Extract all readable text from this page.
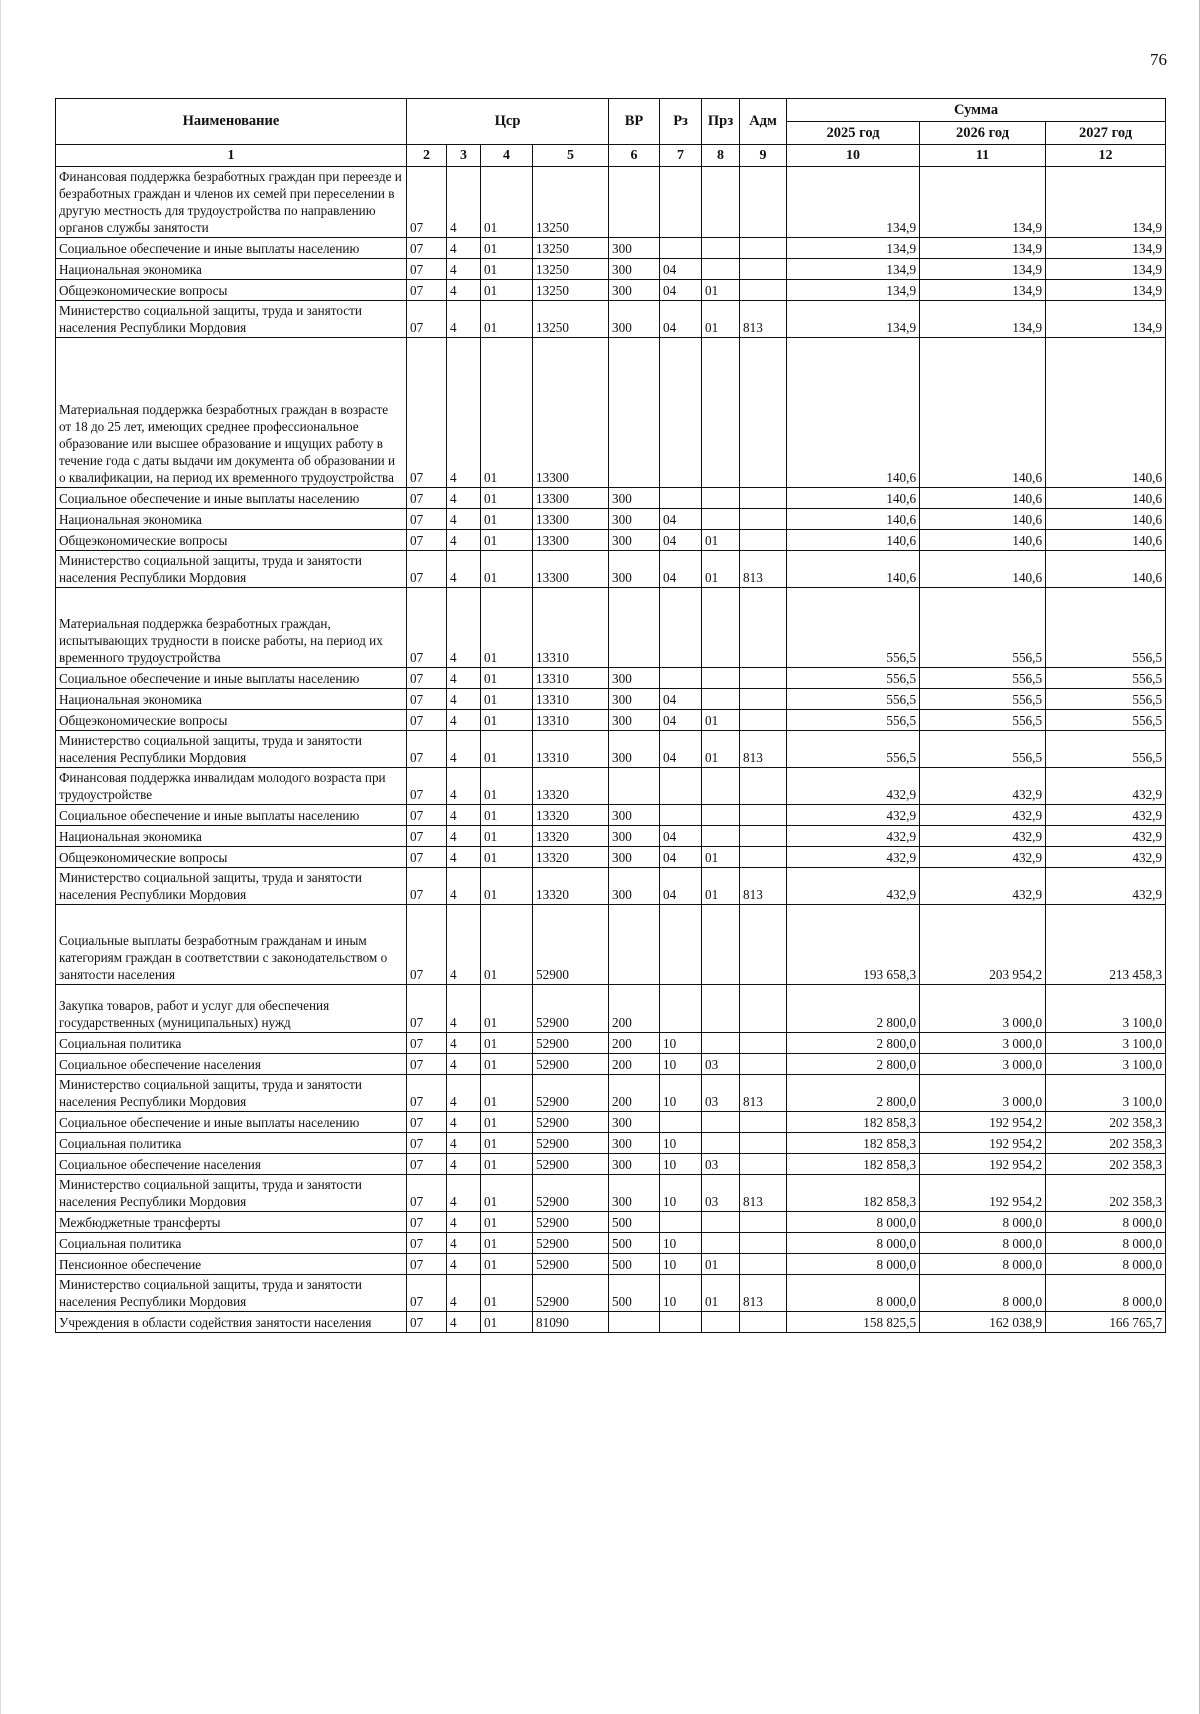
76
Наименование	Цср				ВР	Рз	Прз	Адм	Сумма		
									2025 год	2026 год	2027 год
1	2	3	4	5	6	7	8	9	10	11	12
Финансовая поддержка безработных граждан при переезде и безработных граждан и членов их семей при переселении в другую местность для трудоустройства по направлению органов службы занятости	07	4	01	13250					134,9	134,9	134,9
Социальное обеспечение и иные выплаты населению	07	4	01	13250	300				134,9	134,9	134,9
Национальная экономика	07	4	01	13250	300	04			134,9	134,9	134,9
Общеэкономические вопросы	07	4	01	13250	300	04	01		134,9	134,9	134,9
Министерство социальной защиты, труда и занятости населения Республики Мордовия	07	4	01	13250	300	04	01	813	134,9	134,9	134,9
Материальная поддержка безработных граждан в возрасте от 18 до 25 лет, имеющих среднее профессиональное образование или высшее образование и ищущих работу в течение года с даты выдачи им документа об образовании и о квалификации, на период их временного трудоустройства	07	4	01	13300					140,6	140,6	140,6
Социальное обеспечение и иные выплаты населению	07	4	01	13300	300				140,6	140,6	140,6
Национальная экономика	07	4	01	13300	300	04			140,6	140,6	140,6
Общеэкономические вопросы	07	4	01	13300	300	04	01		140,6	140,6	140,6
Министерство социальной защиты, труда и занятости населения Республики Мордовия	07	4	01	13300	300	04	01	813	140,6	140,6	140,6
Материальная поддержка безработных граждан, испытывающих трудности в поиске работы, на период их временного трудоустройства	07	4	01	13310					556,5	556,5	556,5
Социальное обеспечение и иные выплаты населению	07	4	01	13310	300				556,5	556,5	556,5
Национальная экономика	07	4	01	13310	300	04			556,5	556,5	556,5
Общеэкономические вопросы	07	4	01	13310	300	04	01		556,5	556,5	556,5
Министерство социальной защиты, труда и занятости населения Республики Мордовия	07	4	01	13310	300	04	01	813	556,5	556,5	556,5
Финансовая поддержка инвалидам молодого возраста при трудоустройстве	07	4	01	13320					432,9	432,9	432,9
Социальное обеспечение и иные выплаты населению	07	4	01	13320	300				432,9	432,9	432,9
Национальная экономика	07	4	01	13320	300	04			432,9	432,9	432,9
Общеэкономические вопросы	07	4	01	13320	300	04	01		432,9	432,9	432,9
Министерство социальной защиты, труда и занятости населения Республики Мордовия	07	4	01	13320	300	04	01	813	432,9	432,9	432,9
Социальные выплаты безработным гражданам и иным категориям граждан в соответствии с законодательством о занятости населения	07	4	01	52900					193 658,3	203 954,2	213 458,3
Закупка товаров, работ и услуг для обеспечения государственных (муниципальных) нужд	07	4	01	52900	200				2 800,0	3 000,0	3 100,0
Социальная политика	07	4	01	52900	200	10			2 800,0	3 000,0	3 100,0
Социальное обеспечение населения	07	4	01	52900	200	10	03		2 800,0	3 000,0	3 100,0
Министерство социальной защиты, труда и занятости населения Республики Мордовия	07	4	01	52900	200	10	03	813	2 800,0	3 000,0	3 100,0
Социальное обеспечение и иные выплаты населению	07	4	01	52900	300				182 858,3	192 954,2	202 358,3
Социальная политика	07	4	01	52900	300	10			182 858,3	192 954,2	202 358,3
Социальное обеспечение населения	07	4	01	52900	300	10	03		182 858,3	192 954,2	202 358,3
Министерство социальной защиты, труда и занятости населения Республики Мордовия	07	4	01	52900	300	10	03	813	182 858,3	192 954,2	202 358,3
Межбюджетные трансферты	07	4	01	52900	500				8 000,0	8 000,0	8 000,0
Социальная политика	07	4	01	52900	500	10			8 000,0	8 000,0	8 000,0
Пенсионное обеспечение	07	4	01	52900	500	10	01		8 000,0	8 000,0	8 000,0
Министерство социальной защиты, труда и занятости населения Республики Мордовия	07	4	01	52900	500	10	01	813	8 000,0	8 000,0	8 000,0
Учреждения в области содействия занятости населения	07	4	01	81090					158 825,5	162 038,9	166 765,7
